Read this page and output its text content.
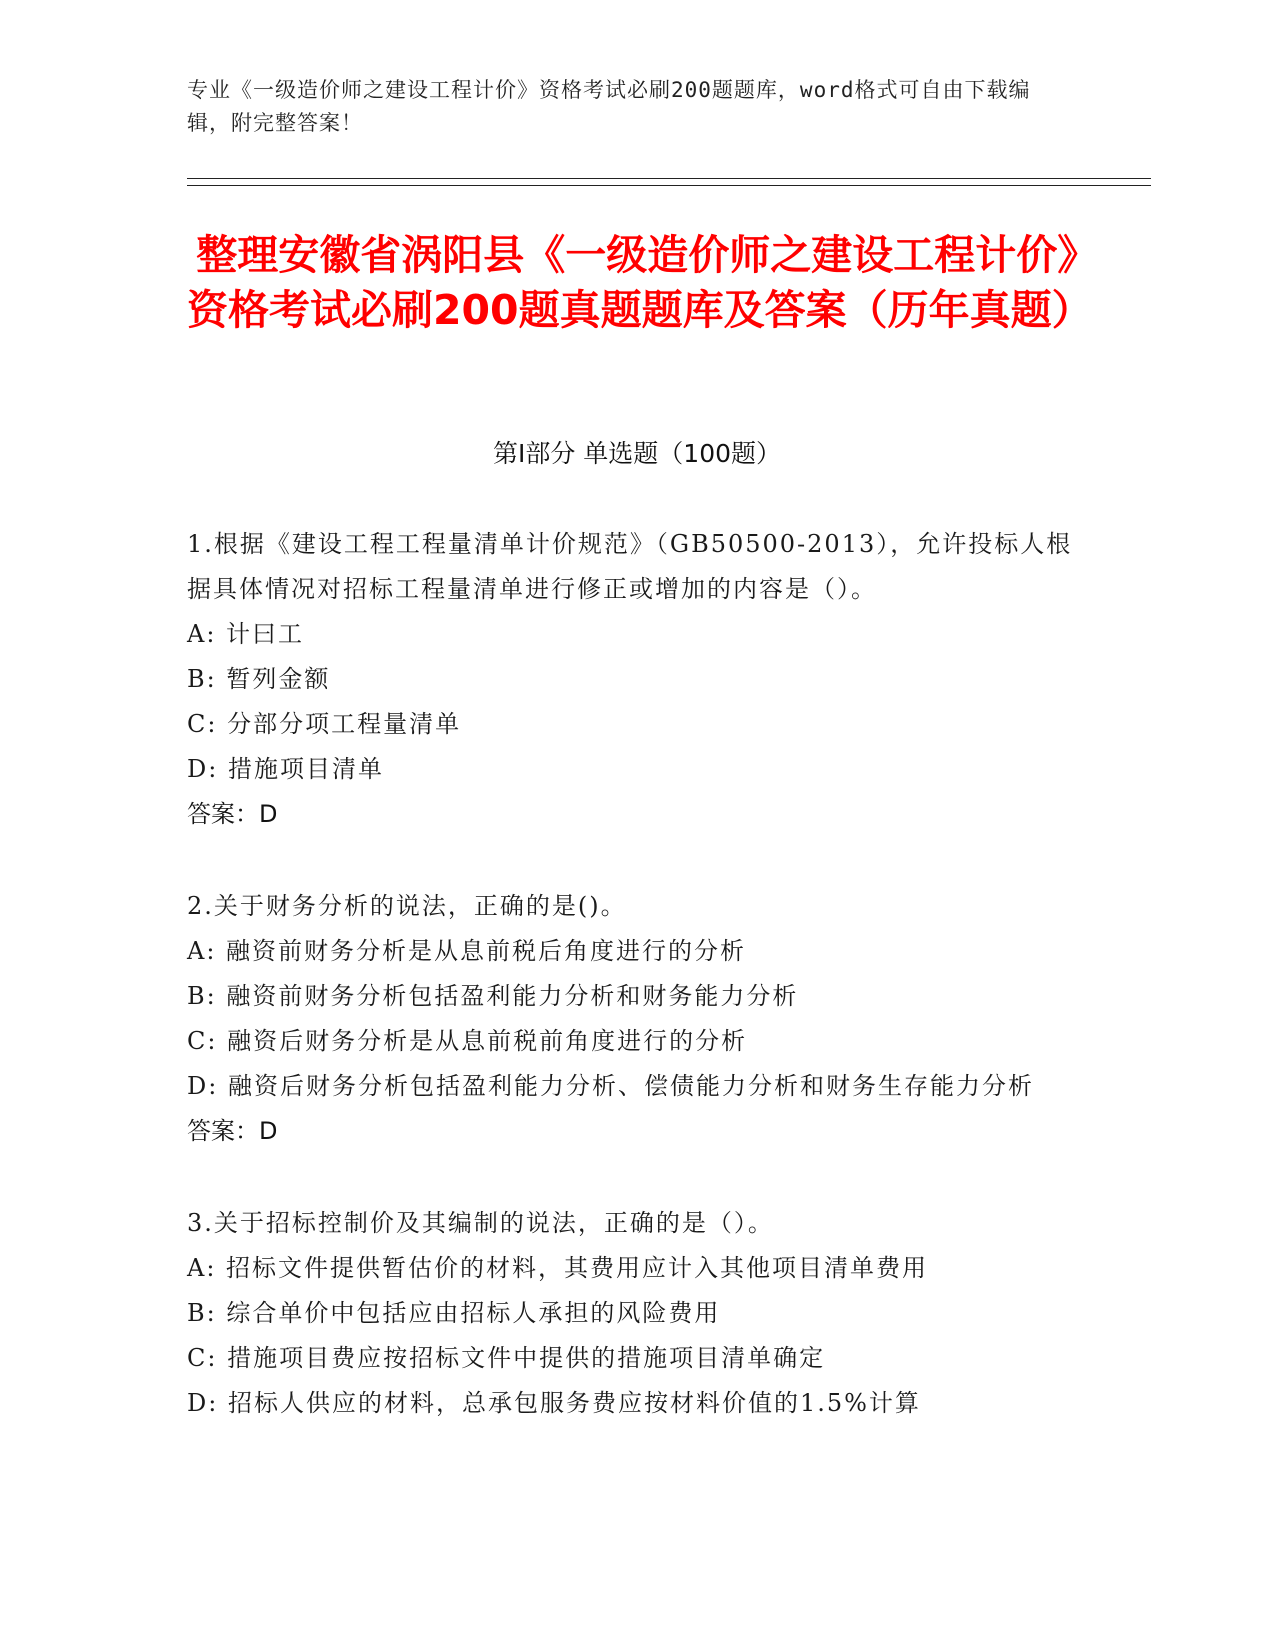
专业《一级造价师之建设工程计价》资格考试必刷200题题库，word格式可自由下载编辑，附完整答案！
整理安徽省涡阳县《一级造价师之建设工程计价》资格考试必刷200题真题题库及答案（历年真题）
第Ⅰ部分 单选题（100题）
1.根据《建设工程工程量清单计价规范》（GB50500-2013），允许投标人根据具体情况对招标工程量清单进行修正或增加的内容是（）。
A: 计曰工
B: 暂列金额
C: 分部分项工程量清单
D: 措施项目清单
答案：D
2.关于财务分析的说法，正确的是()。
A: 融资前财务分析是从息前税后角度进行的分析
B: 融资前财务分析包括盈利能力分析和财务能力分析
C: 融资后财务分析是从息前税前角度进行的分析
D: 融资后财务分析包括盈利能力分析、偿债能力分析和财务生存能力分析
答案：D
3.关于招标控制价及其编制的说法，正确的是（）。
A: 招标文件提供暂估价的材料，其费用应计入其他项目清单费用
B: 综合单价中包括应由招标人承担的风险费用
C: 措施项目费应按招标文件中提供的措施项目清单确定
D: 招标人供应的材料，总承包服务费应按材料价值的1.5%计算
